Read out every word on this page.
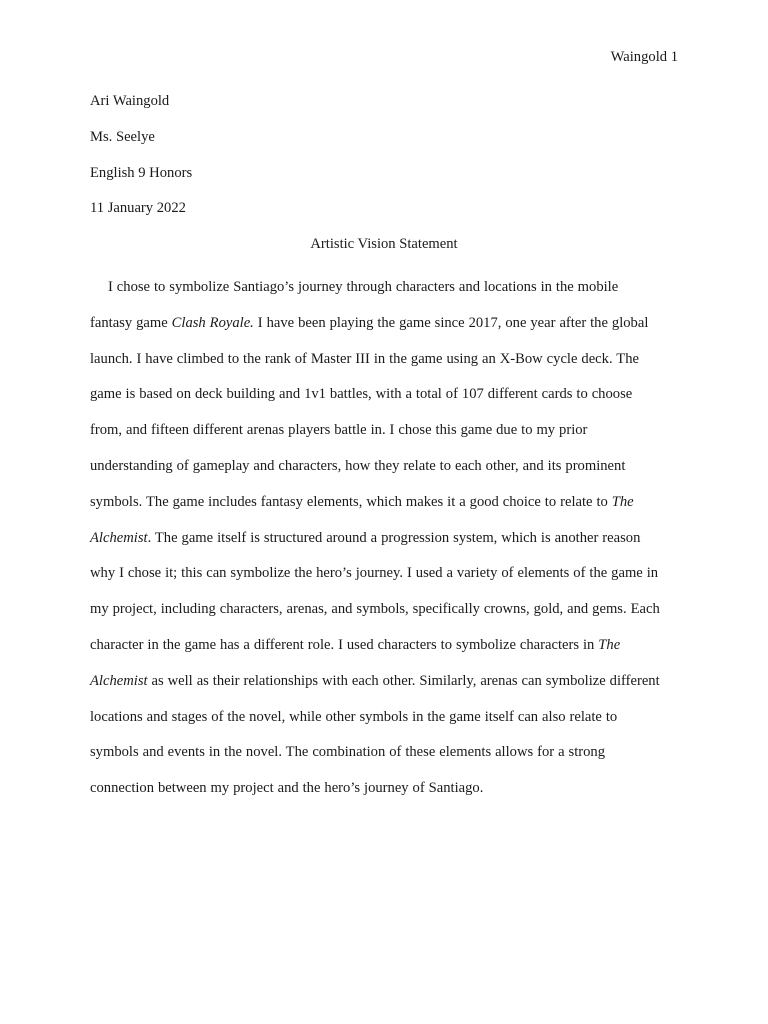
Waingold 1
Ari Waingold
Ms. Seelye
English 9 Honors
11 January 2022
Artistic Vision Statement
I chose to symbolize Santiago’s journey through characters and locations in the mobile
fantasy game Clash Royale. I have been playing the game since 2017, one year after the global
launch. I have climbed to the rank of Master III in the game using an X-Bow cycle deck. The
game is based on deck building and 1v1 battles, with a total of 107 different cards to choose
from, and fifteen different arenas players battle in. I chose this game due to my prior
understanding of gameplay and characters, how they relate to each other, and its prominent
symbols. The game includes fantasy elements, which makes it a good choice to relate to The
Alchemist. The game itself is structured around a progression system, which is another reason
why I chose it; this can symbolize the hero’s journey. I used a variety of elements of the game in
my project, including characters, arenas, and symbols, specifically crowns, gold, and gems. Each
character in the game has a different role. I used characters to symbolize characters in The
Alchemist as well as their relationships with each other. Similarly, arenas can symbolize different
locations and stages of the novel, while other symbols in the game itself can also relate to
symbols and events in the novel. The combination of these elements allows for a strong
connection between my project and the hero’s journey of Santiago.
